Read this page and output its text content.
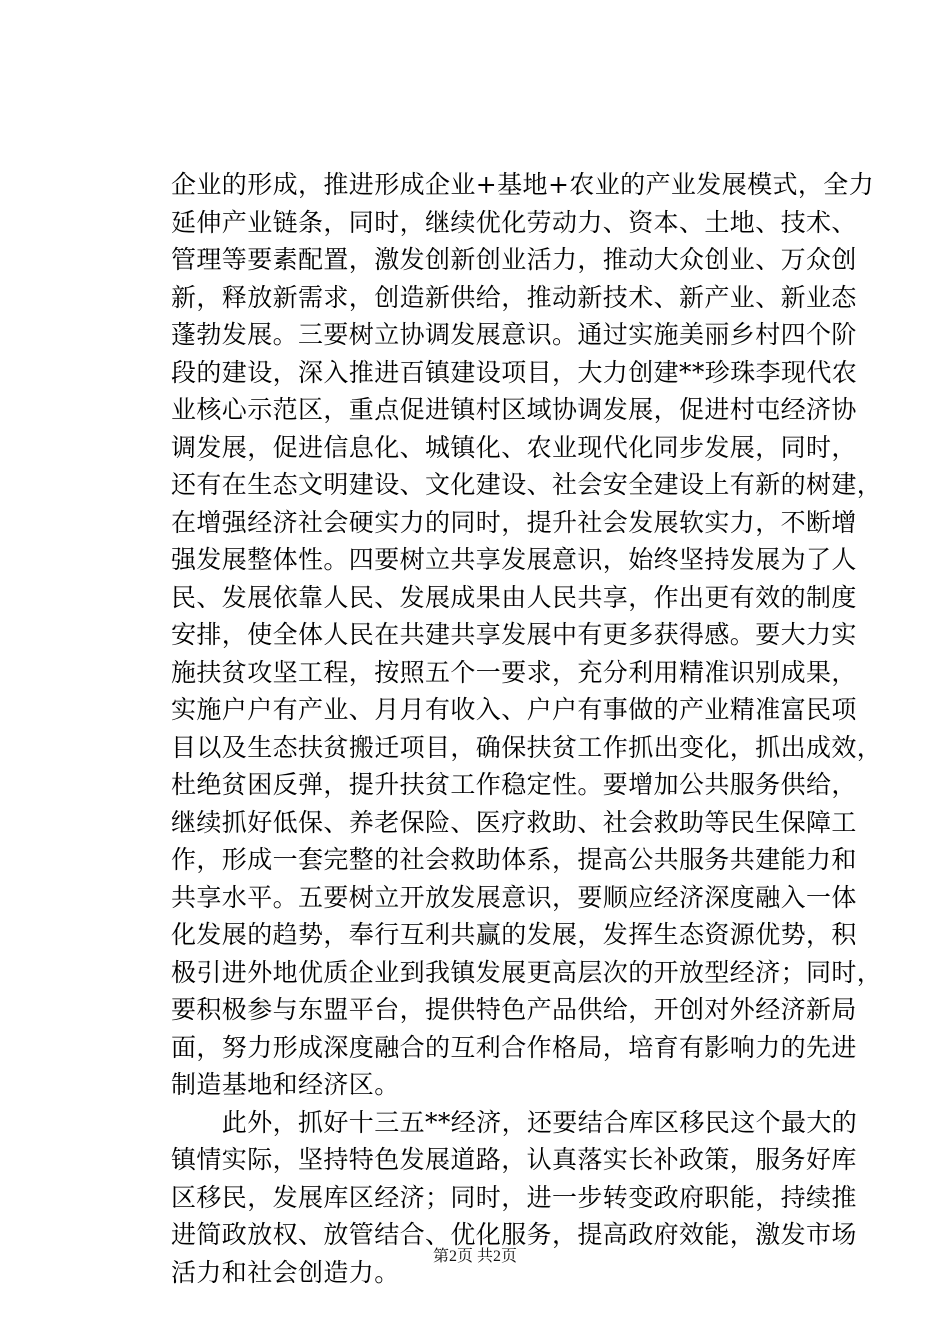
企业的形成，推进形成企业+基地+农业的产业发展模式，全力
延伸产业链条，同时，继续优化劳动力、资本、土地、技术、
管理等要素配置，激发创新创业活力，推动大众创业、万众创
新，释放新需求，创造新供给，推动新技术、新产业、新业态
蓬勃发展。三要树立协调发展意识。通过实施美丽乡村四个阶
段的建设，深入推进百镇建设项目，大力创建**珍珠李现代农
业核心示范区，重点促进镇村区域协调发展，促进村屯经济协
调发展，促进信息化、城镇化、农业现代化同步发展，同时，
还有在生态文明建设、文化建设、社会安全建设上有新的树建，
在增强经济社会硬实力的同时，提升社会发展软实力，不断增
强发展整体性。四要树立共享发展意识，始终坚持发展为了人
民、发展依靠人民、发展成果由人民共享，作出更有效的制度
安排，使全体人民在共建共享发展中有更多获得感。要大力实
施扶贫攻坚工程，按照五个一要求，充分利用精准识别成果，
实施户户有产业、月月有收入、户户有事做的产业精准富民项
目以及生态扶贫搬迁项目，确保扶贫工作抓出变化，抓出成效，
杜绝贫困反弹，提升扶贫工作稳定性。要增加公共服务供给，
继续抓好低保、养老保险、医疗救助、社会救助等民生保障工
作，形成一套完整的社会救助体系，提高公共服务共建能力和
共享水平。五要树立开放发展意识，要顺应经济深度融入一体
化发展的趋势，奉行互利共赢的发展，发挥生态资源优势，积
极引进外地优质企业到我镇发展更高层次的开放型经济；同时，
要积极参与东盟平台，提供特色产品供给，开创对外经济新局
面，努力形成深度融合的互利合作格局，培育有影响力的先进
制造基地和经济区。
　　此外，抓好十三五**经济，还要结合库区移民这个最大的
镇情实际，坚持特色发展道路，认真落实长补政策，服务好库
区移民，发展库区经济；同时，进一步转变政府职能，持续推
进简政放权、放管结合、优化服务，提高政府效能，激发市场
活力和社会创造力。
第2页 共2页
